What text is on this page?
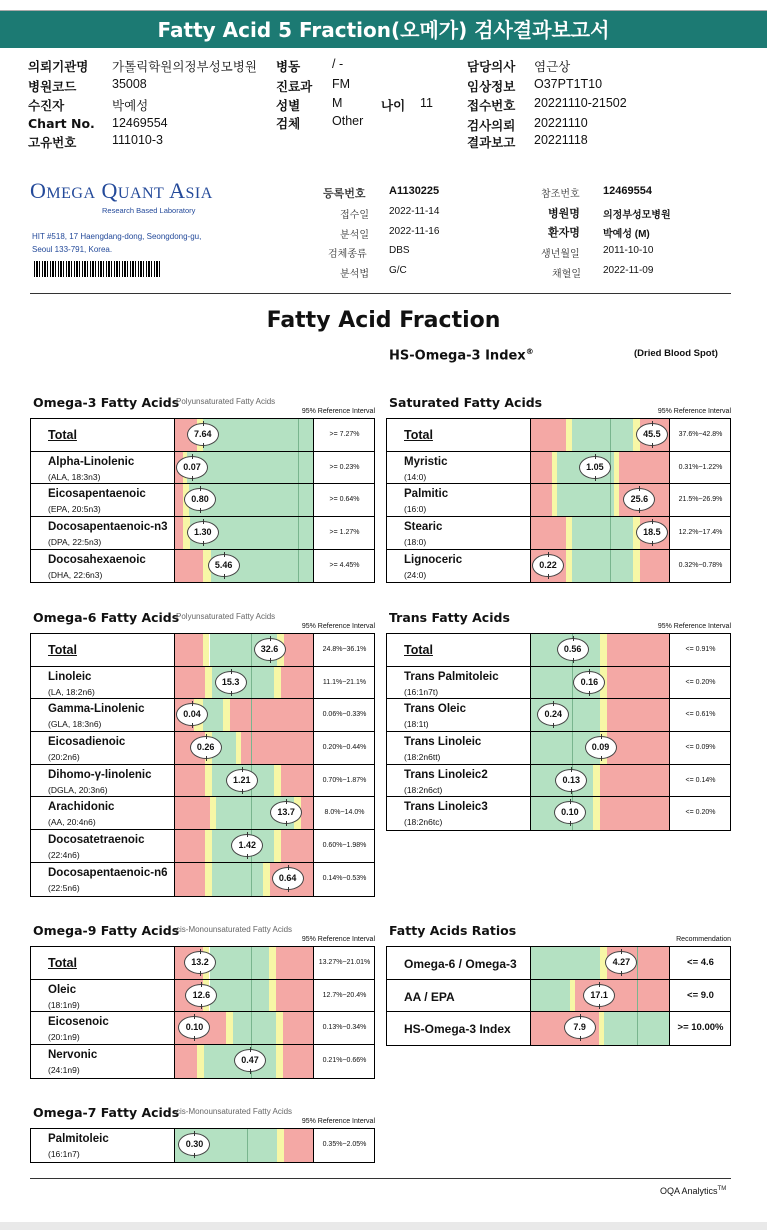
Fatty Acid 5 Fraction(오메가) 검사결과보고서
의뢰기관명 가톨릭학원의정부성모병원
병원코드	35008
수진자	박예성
Chart No. 12469554
고유번호	111010-3
병동	/ -
진료과 FM
성별	M	나이 11
검체	Other
담당의사 염근상
임상정보 O37PT1T10
접수번호 20221110-21502
검사의뢰 20221110
결과보고 20221118
OMEGA QUANT ASIA
Research Based Laboratory
HIT #518, 17 Haengdang-dong, Seongdong-gu,
Seoul 133-791, Korea.
등록번호 A1130225
접수일 2022-11-14
분석일 2022-11-16
검체종류 DBS
분석법 G/C
참조번호 12469554
병원명 의정부성모병원
환자명 박예성 (M)
생년월일 2011-10-10
채혈일 2022-11-09
Fatty Acid Fraction
HS-Omega-3 Index®	(Dried Blood Spot)
Omega-3 Fatty Acids
Polyunsaturated Fatty Acids
95% Reference Interval
Total	7.64	>= 7.27%
Alpha-Linolenic
(ALA, 18:3n3)
0.07	>= 0.23%
Eicosapentaenoic
(EPA, 20:5n3)
0.80	>= 0.64%
Docosapentaenoic-n3
(DPA, 22:5n3)
1.30	>= 1.27%
Docosahexaenoic
(DHA, 22:6n3)
5.46	>= 4.45%
Saturated Fatty Acids
95% Reference Interval
Total	45.5	37.6%~42.8%
Myristic
(14:0)
1.05	0.31%~1.22%
Palmitic
(16:0)
25.6	21.5%~26.9%
Stearic
(18:0)
18.5	12.2%~17.4%
Lignoceric
(24:0)
0.22	0.32%~0.78%
Omega-6 Fatty Acids
Polyunsaturated Fatty Acids
95% Reference Interval
Total	32.6	24.8%~36.1%
Linoleic
(LA, 18:2n6)
15.3	11.1%~21.1%
Gamma-Linolenic
(GLA, 18:3n6)
0.04	0.06%~0.33%
Eicosadienoic
(20:2n6)
0.26	0.20%~0.44%
Dihomo-γ-linolenic
(DGLA, 20:3n6)
1.21	0.70%~1.87%
Arachidonic
(AA, 20:4n6)
13.7	8.0%~14.0%
Docosatetraenoic
(22:4n6)
1.42	0.60%~1.98%
Docosapentaenoic-n6
(22:5n6)
0.64	0.14%~0.53%
Trans Fatty Acids
95% Reference Interval
Total	0.56	<= 0.91%
Trans Palmitoleic
(16:1n7t)
0.16	<= 0.20%
Trans Oleic
(18:1t)
0.24	<= 0.61%
Trans Linoleic
(18:2n6tt)
0.09	<= 0.09%
Trans Linoleic2
(18:2n6ct)
0.13	<= 0.14%
Trans Linoleic3
(18:2n6tc)
0.10	<= 0.20%
Omega-9 Fatty Acids
cis-Monounsaturated Fatty Acids
95% Reference Interval
Total	13.2	13.27%~21.01%
Oleic
(18:1n9)
12.6	12.7%~20.4%
Eicosenoic
(20:1n9)
0.10	0.13%~0.34%
Nervonic
(24:1n9)
0.47	0.21%~0.66%
Fatty Acids Ratios
Recommendation
Omega-6 / Omega-3	4.27	<= 4.6
AA / EPA	17.1	<= 9.0
HS-Omega-3 Index	7.9	>= 10.00%
Omega-7 Fatty Acids
cis-Monounsaturated Fatty Acids
95% Reference Interval
Palmitoleic
(16:1n7)
0.30	0.35%~2.05%
OQA Analytics™
